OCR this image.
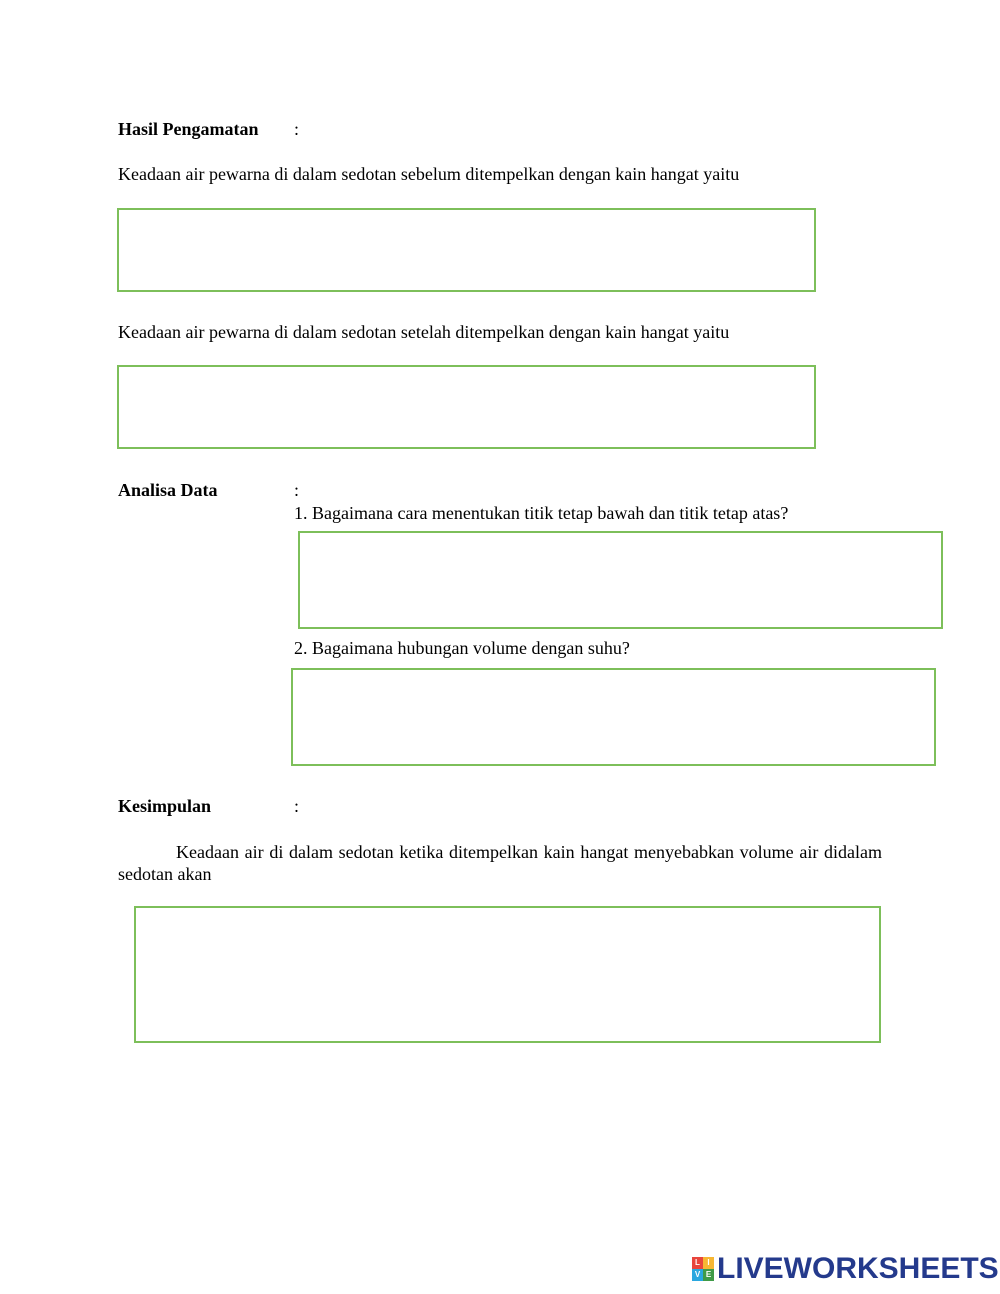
Hasil Pengamatan :
Keadaan air pewarna di dalam sedotan sebelum ditempelkan dengan kain hangat yaitu
Keadaan air pewarna di dalam sedotan setelah ditempelkan dengan kain hangat yaitu
Analisa Data	:
1. Bagaimana cara menentukan titik tetap bawah dan titik tetap atas?
2. Bagaimana hubungan volume dengan suhu?
Kesimpulan	:
Keadaan air di dalam sedotan ketika ditempelkan kain hangat menyebabkan volume air didalam sedotan akan
L I
V E LIVEWORKSHEETS
